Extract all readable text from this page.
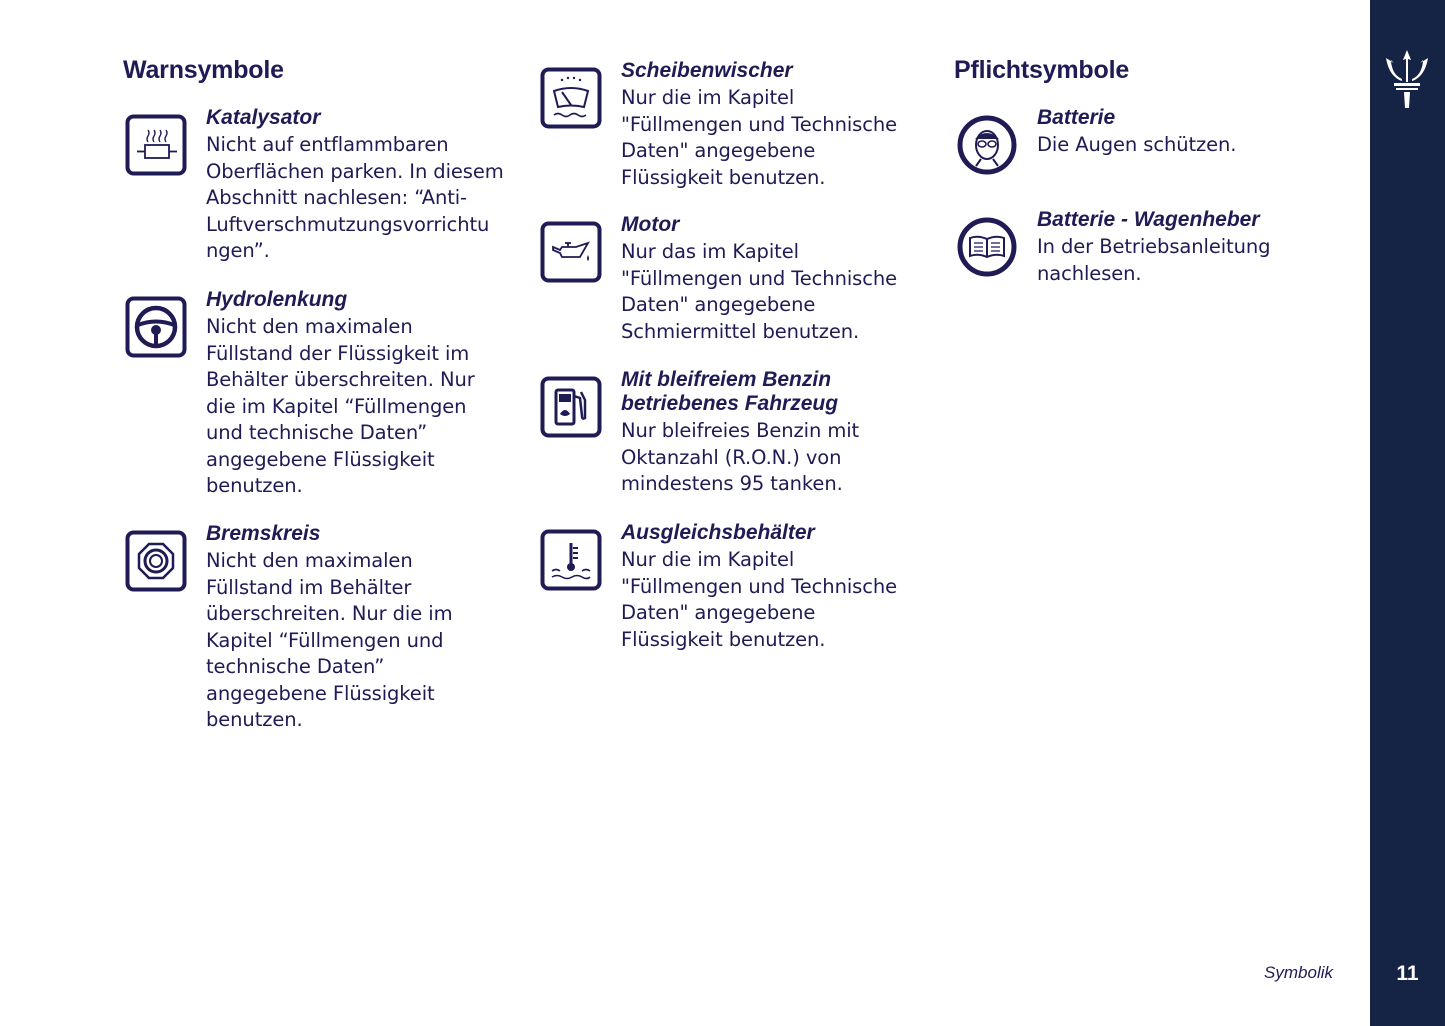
Warnsymbole
Katalysator
Nicht auf entflammbaren
Oberflächen parken. In diesem
Abschnitt nachlesen: “Anti-
Luftverschmutzungsvorrichtu
ngen”.
Hydrolenkung
Nicht den maximalen
Füllstand der Flüssigkeit im
Behälter überschreiten. Nur
die im Kapitel “Füllmengen
und technische Daten”
angegebene Flüssigkeit
benutzen.
Bremskreis
Nicht den maximalen
Füllstand im Behälter
überschreiten. Nur die im
Kapitel “Füllmengen und
technische Daten”
angegebene Flüssigkeit
benutzen.
Scheibenwischer
Nur die im Kapitel
"Füllmengen und Technische
Daten" angegebene
Flüssigkeit benutzen.
Motor
Nur das im Kapitel
"Füllmengen und Technische
Daten" angegebene
Schmiermittel benutzen.
Mit bleifreiem Benzin
betriebenes Fahrzeug
Nur bleifreies Benzin mit
Oktanzahl (R.O.N.) von
mindestens 95 tanken.
Ausgleichsbehälter
Nur die im Kapitel
"Füllmengen und Technische
Daten" angegebene
Flüssigkeit benutzen.
Pflichtsymbole
Batterie
Die Augen schützen.
Batterie - Wagenheber
In der Betriebsanleitung
nachlesen.
Symbolik	11
